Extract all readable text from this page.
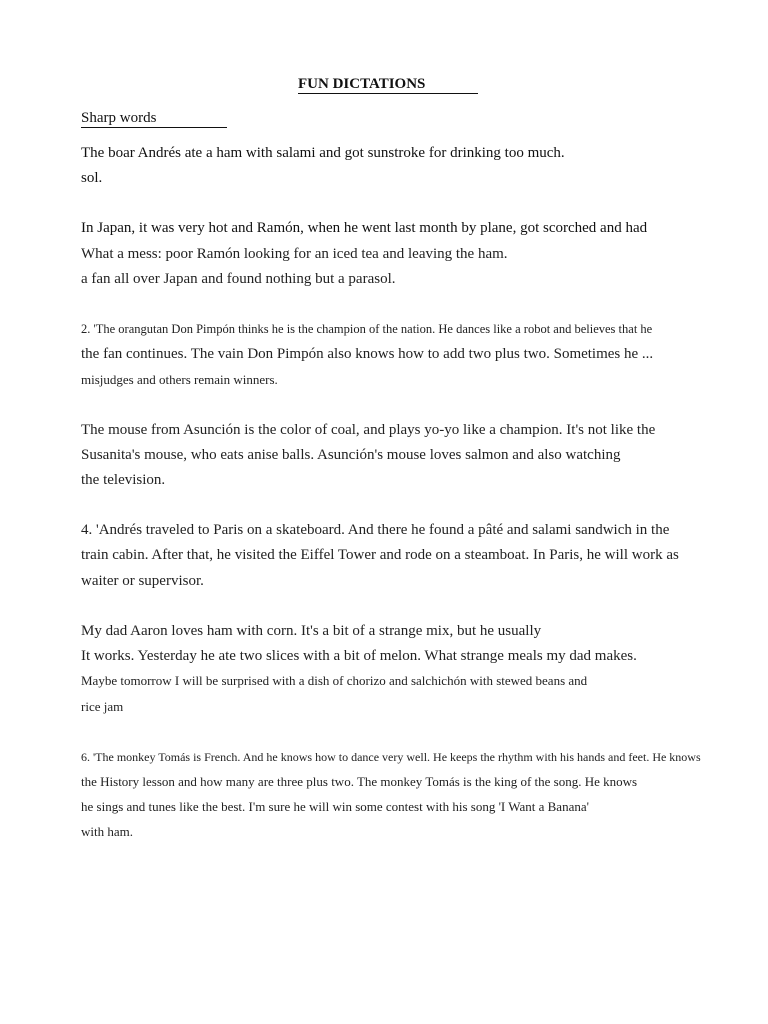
FUN DICTATIONS
Sharp words
The boar Andrés ate a ham with salami and got sunstroke for drinking too much.
sol.
In Japan, it was very hot and Ramón, when he went last month by plane, got scorched and had
What a mess: poor Ramón looking for an iced tea and leaving the ham.
a fan all over Japan and found nothing but a parasol.
2. 'The orangutan Don Pimpón thinks he is the champion of the nation. He dances like a robot and believes that he
the fan continues. The vain Don Pimpón also knows how to add two plus two. Sometimes he ...
misjudges and others remain winners.
The mouse from Asunción is the color of coal, and plays yo-yo like a champion. It's not like the
Susanita's mouse, who eats anise balls. Asunción's mouse loves salmon and also watching
the television.
4. 'Andrés traveled to Paris on a skateboard. And there he found a pâté and salami sandwich in the
train cabin. After that, he visited the Eiffel Tower and rode on a steamboat. In Paris, he will work as
waiter or supervisor.
My dad Aaron loves ham with corn. It's a bit of a strange mix, but he usually
It works. Yesterday he ate two slices with a bit of melon. What strange meals my dad makes.
Maybe tomorrow I will be surprised with a dish of chorizo and salchichón with stewed beans and
rice jam
6. 'The monkey Tomás is French. And he knows how to dance very well. He keeps the rhythm with his hands and feet. He knows
the History lesson and how many are three plus two. The monkey Tomás is the king of the song. He knows
he sings and tunes like the best. I'm sure he will win some contest with his song 'I Want a Banana'
with ham.
